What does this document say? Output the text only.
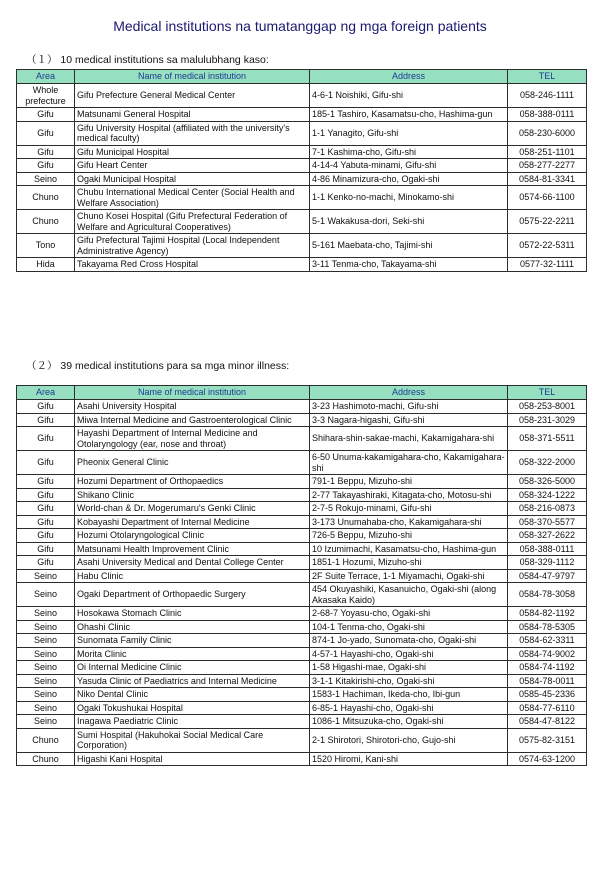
Medical institutions na tumatanggap ng mga foreign patients
（１） 10 medical institutions sa malulubhang kaso:
Area	Name of medical institution	Address	TEL
Whole prefecture	Gifu Prefecture General Medical Center	4-6-1 Noishiki, Gifu-shi	058-246-1111
Gifu	Matsunami General Hospital	185-1 Tashiro, Kasamatsu-cho, Hashima-gun	058-388-0111
Gifu	Gifu University Hospital (affiliated with the university's medical faculty)	1-1 Yanagito, Gifu-shi	058-230-6000
Gifu	Gifu Municipal Hospital	7-1 Kashima-cho, Gifu-shi	058-251-1101
Gifu	Gifu Heart Center	4-14-4 Yabuta-minami, Gifu-shi	058-277-2277
Seino	Ogaki Municipal Hospital	4-86 Minamizura-cho, Ogaki-shi	0584-81-3341
Chuno	Chubu International Medical Center (Social Health and Welfare Association)	1-1 Kenko-no-machi, Minokamo-shi	0574-66-1100
Chuno	Chuno Kosei Hospital (Gifu Prefectural Federation of Welfare and Agricultural Cooperatives)	5-1 Wakakusa-dori, Seki-shi	0575-22-2211
Tono	Gifu Prefectural Tajimi Hospital (Local Independent Administrative Agency)	5-161 Maebata-cho, Tajimi-shi	0572-22-5311
Hida	Takayama Red Cross Hospital	3-11 Tenma-cho, Takayama-shi	0577-32-1111
（２） 39 medical institutions para sa mga minor illness:
Area	Name of medical institution	Address	TEL
Gifu	Asahi University Hospital	3-23 Hashimoto-machi, Gifu-shi	058-253-8001
Gifu	Miwa Internal Medicine and Gastroenterological Clinic	3-3 Nagara-higashi, Gifu-shi	058-231-3029
Gifu	Hayashi Department of Internal Medicine and Otolaryngology (ear, nose and throat)	Shihara-shin-sakae-machi, Kakamigahara-shi	058-371-5511
Gifu	Pheonix General Clinic	6-50 Unuma-kakamigahara-cho, Kakamigahara-shi	058-322-2000
Gifu	Hozumi Department of Orthopaedics	791-1 Beppu, Mizuho-shi	058-326-5000
Gifu	Shikano Clinic	2-77 Takayashiraki, Kitagata-cho, Motosu-shi	058-324-1222
Gifu	World-chan & Dr. Mogerumaru's Genki Clinic	2-7-5 Rokujo-minami, Gifu-shi	058-216-0873
Gifu	Kobayashi Department of Internal Medicine	3-173 Unumahaba-cho, Kakamigahara-shi	058-370-5577
Gifu	Hozumi Otolaryngological Clinic	726-5 Beppu, Mizuho-shi	058-327-2622
Gifu	Matsunami Health Improvement Clinic	10 Izumimachi, Kasamatsu-cho, Hashima-gun	058-388-0111
Gifu	Asahi University Medical and Dental College Center	1851-1 Hozumi, Mizuho-shi	058-329-1112
Seino	Habu Clinic	2F Suite Terrace, 1-1 Miyamachi, Ogaki-shi	0584-47-9797
Seino	Ogaki Department of Orthopaedic Surgery	454 Okuyashiki, Kasanuicho, Ogaki-shi (along Akasaka Kaido)	0584-78-3058
Seino	Hosokawa Stomach Clinic	2-68-7 Yoyasu-cho, Ogaki-shi	0584-82-1192
Seino	Ohashi Clinic	104-1 Tenma-cho, Ogaki-shi	0584-78-5305
Seino	Sunomata Family Clinic	874-1 Jo-yado, Sunomata-cho, Ogaki-shi	0584-62-3311
Seino	Morita Clinic	4-57-1 Hayashi-cho, Ogaki-shi	0584-74-9002
Seino	Oi Internal Medicine Clinic	1-58 Higashi-mae, Ogaki-shi	0584-74-1192
Seino	Yasuda Clinic of Paediatrics and Internal Medicine	3-1-1 Kitakirishi-cho, Ogaki-shi	0584-78-0011
Seino	Niko Dental Clinic	1583-1 Hachiman, Ikeda-cho, Ibi-gun	0585-45-2336
Seino	Ogaki Tokushukai Hospital	6-85-1 Hayashi-cho, Ogaki-shi	0584-77-6110
Seino	Inagawa Paediatric Clinic	1086-1 Mitsuzuka-cho, Ogaki-shi	0584-47-8122
Chuno	Sumi Hospital (Hakuhokai Social Medical Care Corporation)	2-1 Shirotori, Shirotori-cho, Gujo-shi	0575-82-3151
Chuno	Higashi Kani Hospital	1520 Hiromi, Kani-shi	0574-63-1200
